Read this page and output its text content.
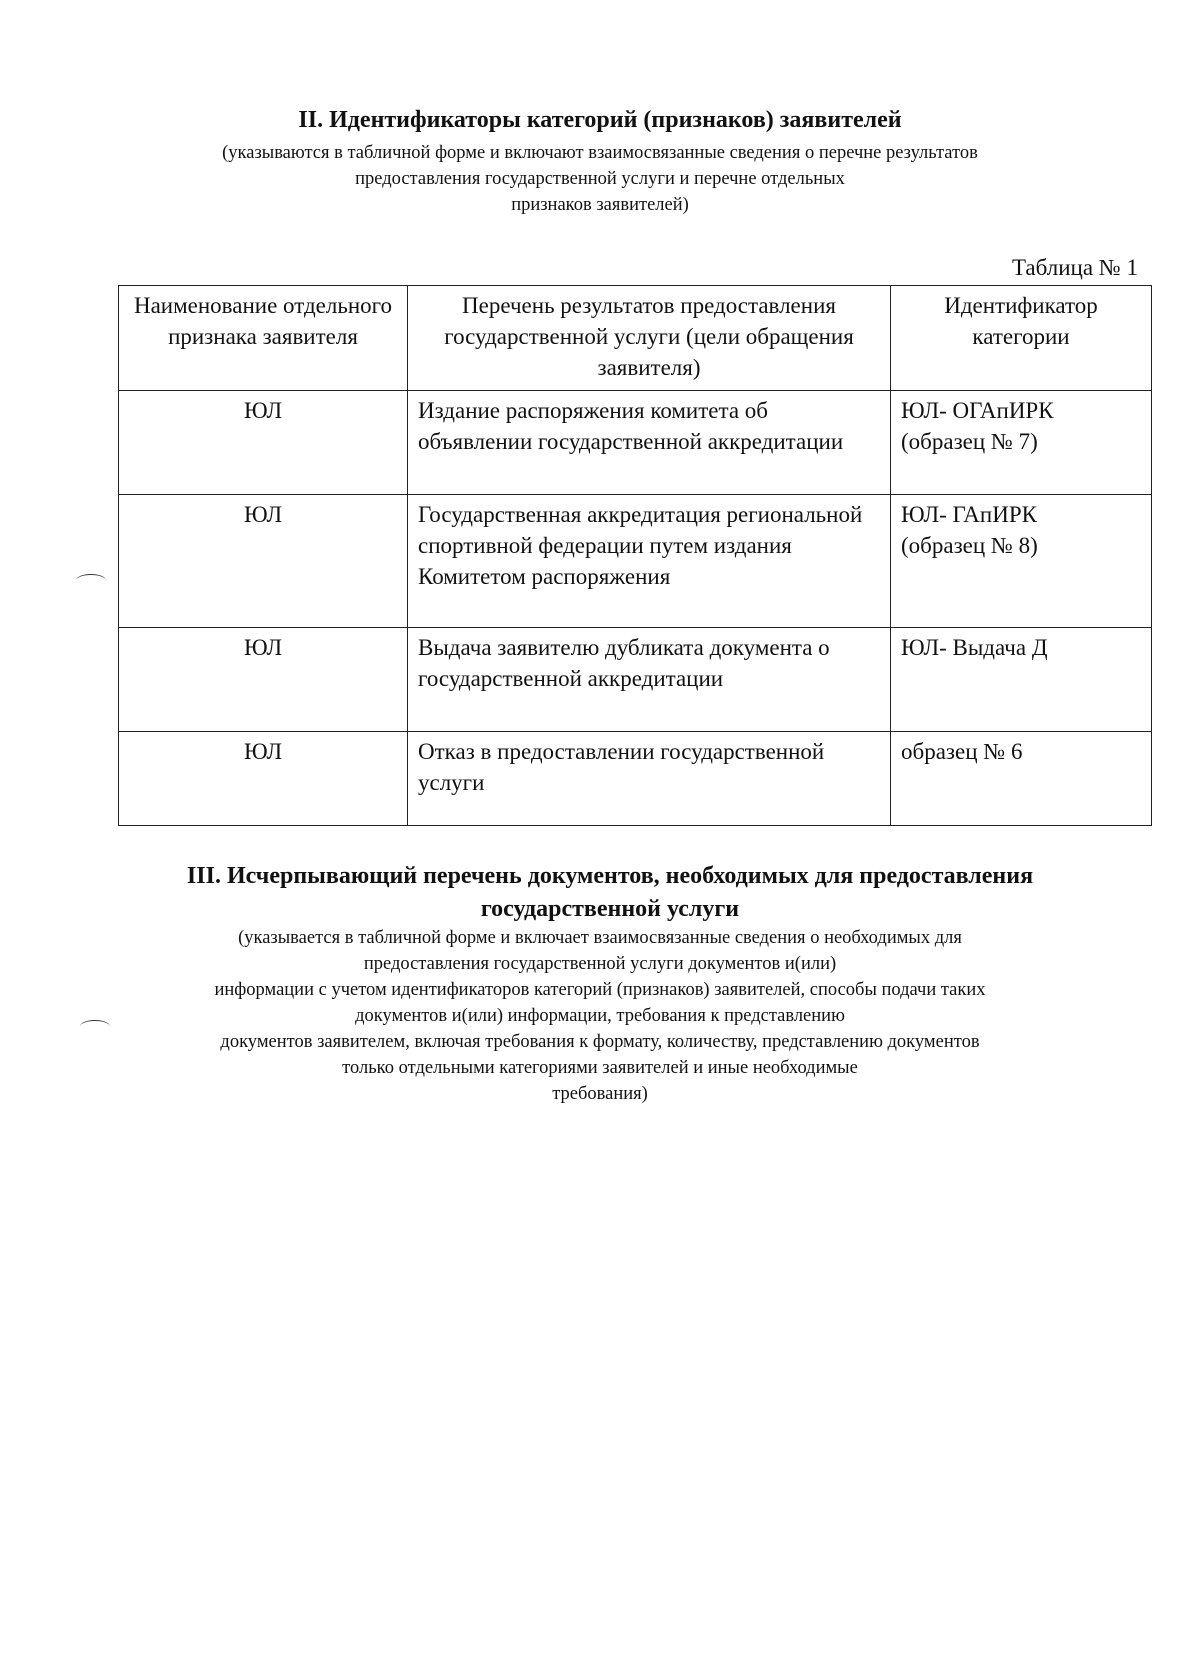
II. Идентификаторы категорий (признаков) заявителей
(указываются в табличной форме и включают взаимосвязанные сведения о перечне результатов
предоставления государственной услуги и перечне отдельных
признаков заявителей)
Таблица № 1
Наименование отдельного признака заявителя	Перечень результатов предоставления государственной услуги (цели обращения заявителя)	Идентификатор категории
ЮЛ	Издание распоряжения комитета об объявлении государственной аккредитации	ЮЛ- ОГАпИРК
(образец № 7)

ЮЛ	Государственная аккредитация региональной спортивной федерации путем издания Комитетом распоряжения	ЮЛ- ГАпИРК
(образец № 8)

ЮЛ	Выдача заявителю дубликата документа о государственной аккредитации	ЮЛ- Выдача Д

ЮЛ	Отказ в предоставлении государственной услуги	образец № 6
III. Исчерпывающий перечень документов, необходимых для предоставления
государственной услуги
(указывается в табличной форме и включает взаимосвязанные сведения о необходимых для
предоставления государственной услуги документов и(или)
информации с учетом идентификаторов категорий (признаков) заявителей, способы подачи таких
документов и(или) информации, требования к представлению
документов заявителем, включая требования к формату, количеству, представлению документов
только отдельными категориями заявителей и иные необходимые
требования)
